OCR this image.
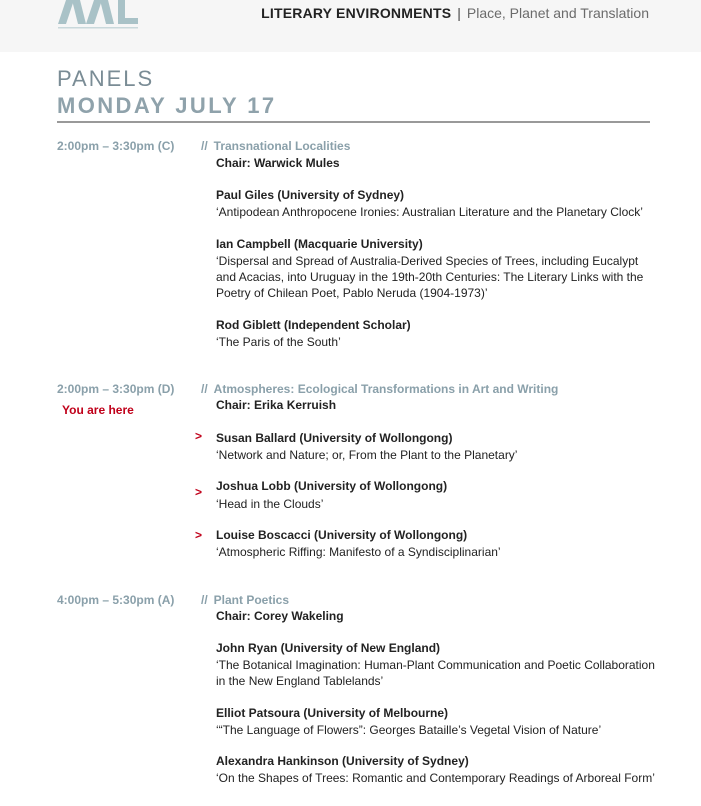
LITERARY ENVIRONMENTS | Place, Planet and Translation
PANELS
MONDAY JULY 17
2:00pm – 3:30pm (C) // Transnational Localities
Chair: Warwick Mules
Paul Giles (University of Sydney)
‘Antipodean Anthropocene Ironies: Australian Literature and the Planetary Clock’
Ian Campbell (Macquarie University)
‘Dispersal and Spread of Australia-Derived Species of Trees, including Eucalypt and Acacias, into Uruguay in the 19th-20th Centuries: The Literary Links with the Poetry of Chilean Poet, Pablo Neruda (1904-1973)’
Rod Giblett (Independent Scholar)
‘The Paris of the South’
2:00pm – 3:30pm (D) // Atmospheres: Ecological Transformations in Art and Writing
Chair: Erika Kerruish
You are here
> Susan Ballard (University of Wollongong)
‘Network and Nature; or, From the Plant to the Planetary’
> Joshua Lobb (University of Wollongong)
‘Head in the Clouds’
> Louise Boscacci (University of Wollongong)
‘Atmospheric Riffing: Manifesto of a Syndisciplinarian’
4:00pm – 5:30pm (A) // Plant Poetics
Chair: Corey Wakeling
John Ryan (University of New England)
‘The Botanical Imagination: Human-Plant Communication and Poetic Collaboration in the New England Tablelands’
Elliot Patsoura (University of Melbourne)
‘“The Language of Flowers”: Georges Bataille’s Vegetal Vision of Nature’
Alexandra Hankinson (University of Sydney)
‘On the Shapes of Trees: Romantic and Contemporary Readings of Arboreal Form’
